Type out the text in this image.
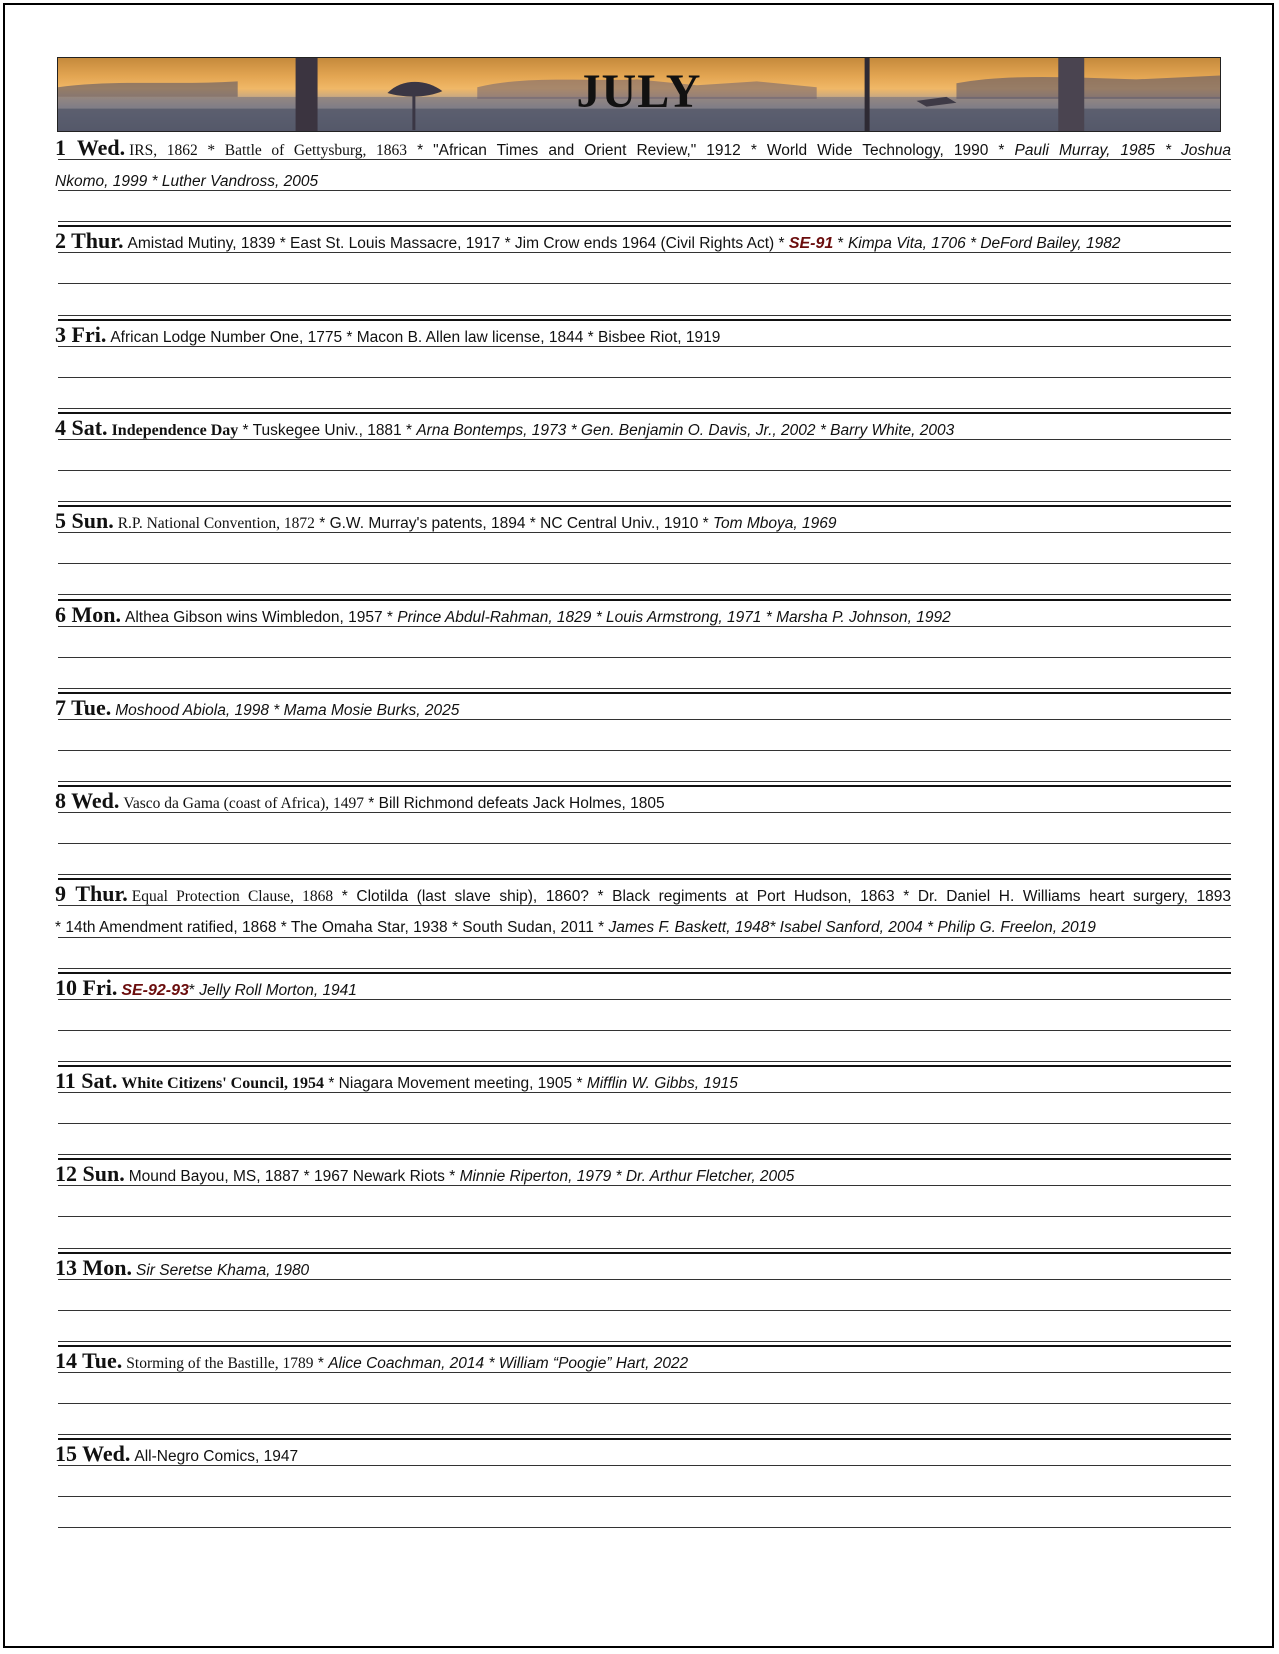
JULY
1 Wed. IRS, 1862 * Battle of Gettysburg, 1863 * "African Times and Orient Review," 1912 * World Wide Technology, 1990 * Pauli Murray, 1985 * Joshua
Nkomo, 1999 * Luther Vandross, 2005
2 Thur. Amistad Mutiny, 1839 * East St. Louis Massacre, 1917 * Jim Crow ends 1964 (Civil Rights Act) * SE-91 * Kimpa Vita, 1706 * DeFord Bailey, 1982
3 Fri. African Lodge Number One, 1775 * Macon B. Allen law license, 1844 * Bisbee Riot, 1919
4 Sat. Independence Day * Tuskegee Univ., 1881 * Arna Bontemps, 1973 * Gen. Benjamin O. Davis, Jr., 2002 * Barry White, 2003
5 Sun. R.P. National Convention, 1872 * G.W. Murray's patents, 1894 * NC Central Univ., 1910 * Tom Mboya, 1969
6 Mon. Althea Gibson wins Wimbledon, 1957 * Prince Abdul-Rahman, 1829 * Louis Armstrong, 1971 * Marsha P. Johnson, 1992
7 Tue. Moshood Abiola, 1998 * Mama Mosie Burks, 2025
8 Wed. Vasco da Gama (coast of Africa), 1497 * Bill Richmond defeats Jack Holmes, 1805
9 Thur. Equal Protection Clause, 1868 * Clotilda (last slave ship), 1860? * Black regiments at Port Hudson, 1863 * Dr. Daniel H. Williams heart surgery, 1893
* 14th Amendment ratified, 1868 * The Omaha Star, 1938 * South Sudan, 2011 * James F. Baskett, 1948* Isabel Sanford, 2004 * Philip G. Freelon, 2019
10 Fri. SE-92-93* Jelly Roll Morton, 1941
11 Sat. White Citizens' Council, 1954 * Niagara Movement meeting, 1905 * Mifflin W. Gibbs, 1915
12 Sun. Mound Bayou, MS, 1887 * 1967 Newark Riots * Minnie Riperton, 1979 * Dr. Arthur Fletcher, 2005
13 Mon. Sir Seretse Khama, 1980
14 Tue. Storming of the Bastille, 1789 * Alice Coachman, 2014 * William “Poogie” Hart, 2022
15 Wed. All-Negro Comics, 1947
